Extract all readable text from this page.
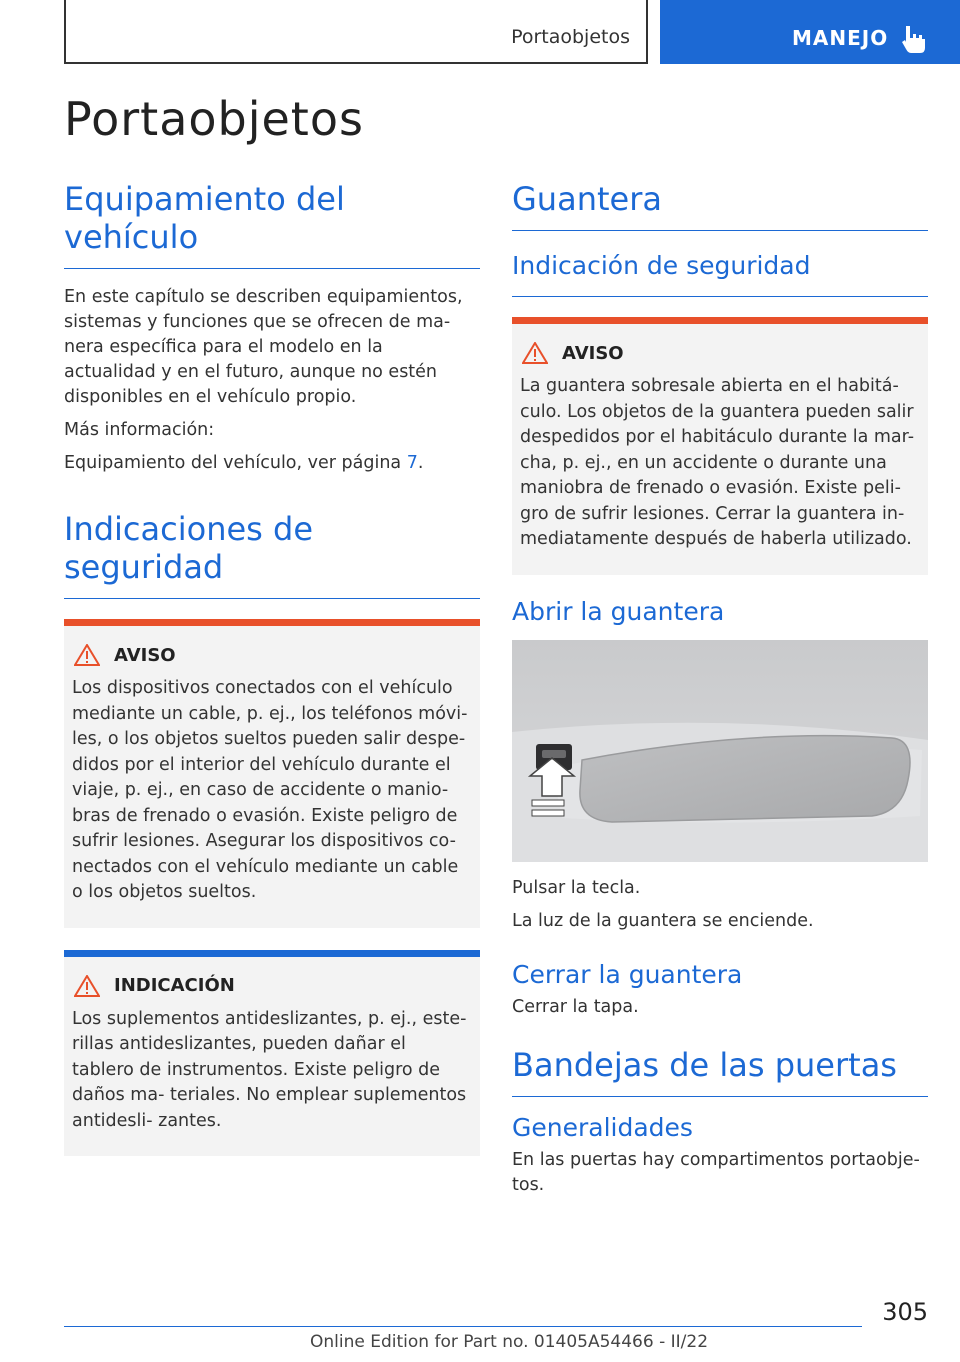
Portaobjetos	MANEJO
Portaobjetos
Equipamiento del vehículo

En este capítulo se describen equipamientos, sistemas y funciones que se ofrecen de ma- nera específica para el modelo en la actualidad y en el futuro, aunque no estén disponibles en el vehículo propio.

Más información:

Equipamiento del vehículo, ver página 7.

Indicaciones de seguridad
AVISO

Los dispositivos conectados con el vehículo mediante un cable, p. ej., los teléfonos móvi- les, o los objetos sueltos pueden salir despe- didos por el interior del vehículo durante el viaje, p. ej., en caso de accidente o manio- bras de frenado o evasión. Existe peligro de sufrir lesiones. Asegurar los dispositivos co- nectados con el vehículo mediante un cable o los objetos sueltos.

INDICACIÓN

Los suplementos antideslizantes, p. ej., este- rillas antideslizantes, pueden dañar el tablero de instrumentos. Existe peligro de daños ma- teriales. No emplear suplementos antidesli- zantes.

Guantera
Indicación de seguridad
AVISO

La guantera sobresale abierta en el habitá- culo. Los objetos de la guantera pueden salir despedidos por el habitáculo durante la mar- cha, p. ej., en un accidente o durante una maniobra de frenado o evasión. Existe peli- gro de sufrir lesiones. Cerrar la guantera in- mediatamente después de haberla utilizado.

Abrir la guantera

Pulsar la tecla.

La luz de la guantera se enciende.

Cerrar la guantera

Cerrar la tapa.

Bandejas de las puertas
Generalidades

En las puertas hay compartimentos portaobje- tos.

305
Online Edition for Part no. 01405A54466 - II/22
